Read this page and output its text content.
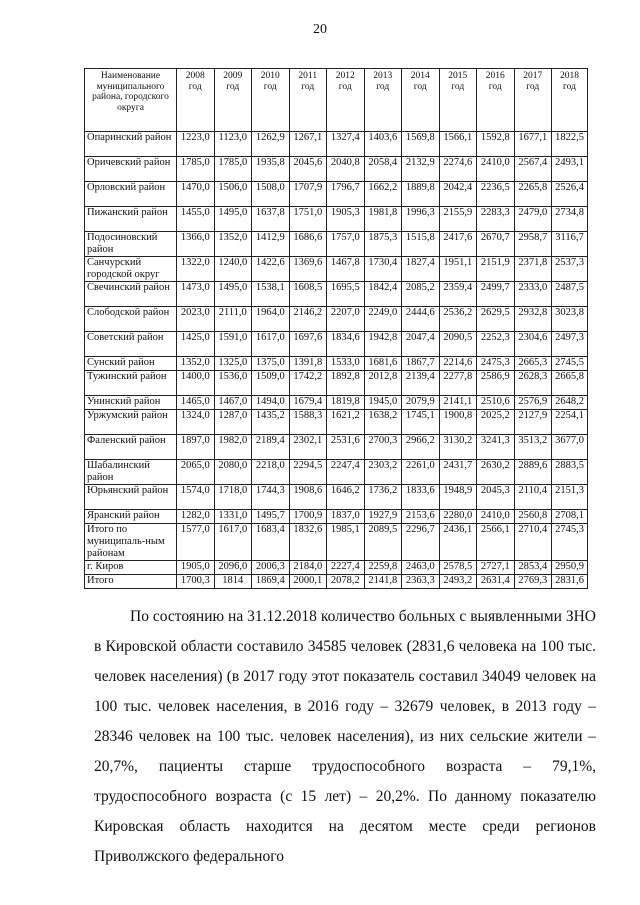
20
Наименование муниципального района, городского округа	2008 год	2009 год	2010 год	2011 год	2012 год	2013 год	2014 год	2015 год	2016 год	2017 год	2018 год
Опаринский район	1223,0	1123,0	1262,9	1267,1	1327,4	1403,6	1569,8	1566,1	1592,8	1677,1	1822,5
Оричевский район	1785,0	1785,0	1935,8	2045,6	2040,8	2058,4	2132,9	2274,6	2410,0	2567,4	2493,1
Орловский район	1470,0	1506,0	1508,0	1707,9	1796,7	1662,2	1889,8	2042,4	2236,5	2265,8	2526,4
Пижанский район	1455,0	1495,0	1637,8	1751,0	1905,3	1981,8	1996,3	2155,9	2283,3	2479,0	2734,8
Подосиновский район	1366,0	1352,0	1412,9	1686,6	1757,0	1875,3	1515,8	2417,6	2670,7	2958,7	3116,7
Санчурский городской округ	1322,0	1240,0	1422,6	1369,6	1467,8	1730,4	1827,4	1951,1	2151,9	2371,8	2537,3
Свечинский район	1473,0	1495,0	1538,1	1608,5	1695,5	1842,4	2085,2	2359,4	2499,7	2333,0	2487,5
Слободской район	2023,0	2111,0	1964,0	2146,2	2207,0	2249,0	2444,6	2536,2	2629,5	2932,8	3023,8
Советский район	1425,0	1591,0	1617,0	1697,6	1834,6	1942,8	2047,4	2090,5	2252,3	2304,6	2497,3
Сунский район	1352,0	1325,0	1375,0	1391,8	1533,0	1681,6	1867,7	2214,6	2475,3	2665,3	2745,5
Тужинский район	1400,0	1536,0	1509,0	1742,2	1892,8	2012,8	2139,4	2277,8	2586,9	2628,3	2665,8
Унинский район	1465,0	1467,0	1494,0	1679,4	1819,8	1945,0	2079,9	2141,1	2510,6	2576,9	2648,2
Уржумский район	1324,0	1287,0	1435,2	1588,3	1621,2	1638,2	1745,1	1900,8	2025,2	2127,9	2254,1
Фаленский район	1897,0	1982,0	2189,4	2302,1	2531,6	2700,3	2966,2	3130,2	3241,3	3513,2	3677,0
Шабалинский район	2065,0	2080,0	2218,0	2294,5	2247,4	2303,2	2261,0	2431,7	2630,2	2889,6	2883,5
Юрьянский район	1574,0	1718,0	1744,3	1908,6	1646,2	1736,2	1833,6	1948,9	2045,3	2110,4	2151,3
Яранский район	1282,0	1331,0	1495,7	1700,9	1837,0	1927,9	2153,6	2280,0	2410,0	2560,8	2708,1
Итого по муниципаль-ным районам	1577,0	1617,0	1683,4	1832,6	1985,1	2089,5	2296,7	2436,1	2566,1	2710,4	2745,3
г. Киров	1905,0	2096,0	2006,3	2184,0	2227,4	2259,8	2463,0	2578,5	2727,1	2853,4	2950,9
Итого	1700,3	1814	1869,4	2000,1	2078,2	2141,8	2363,3	2493,2	2631,4	2769,3	2831,6
По состоянию на 31.12.2018 количество больных с выявленными ЗНО в Кировской области составило 34585 человек (2831,6 человека на 100 тыс. человек населения) (в 2017 году этот показатель составил 34049 человек на 100 тыс. человек населения, в 2016 году – 32679 человек, в 2013 году – 28346 человек на 100 тыс. человек населения), из них сельские жители – 20,7%, пациенты старше трудоспособного возраста – 79,1%, трудоспособного возраста (с 15 лет) – 20,2%. По данному показателю Кировская область находится на десятом месте среди регионов Приволжского федерального
